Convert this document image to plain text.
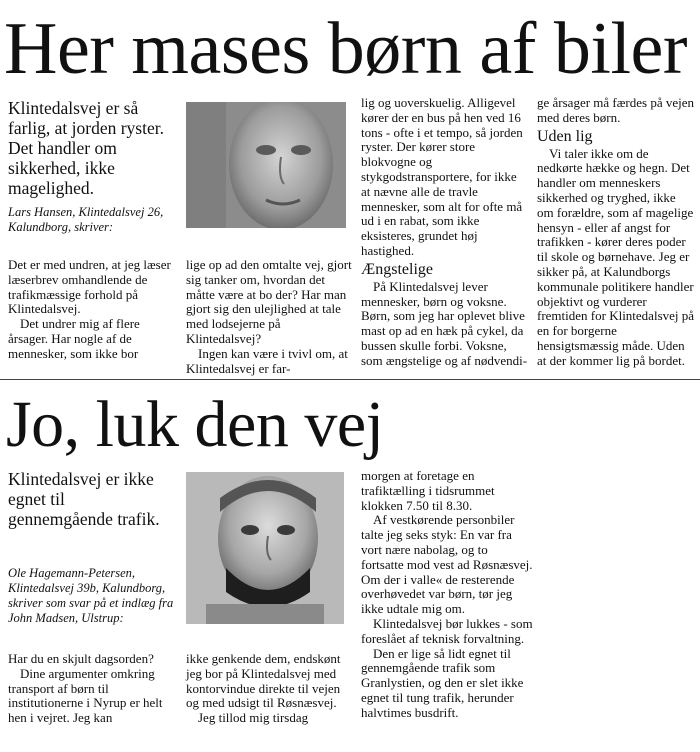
Her mases børn af biler
Klintedalsvej er så farlig, at jorden ryster. Det handler om sikkerhed, ikke magelighed.
Lars Hansen, Klintedalsvej 26, Kalundborg, skriver:

Det er med undren, at jeg læser læserbrev omhandlende de trafikmæssige forhold på Klintedalsvej.

Det undrer mig af flere årsager. Har nogle af de mennesker, som ikke bor

lige op ad den omtalte vej, gjort sig tanker om, hvordan det måtte være at bo der? Har man gjort sig den ulejlighed at tale med lodsejerne på Klintedalsvej?

Ingen kan være i tvivl om, at Klintedalsvej er far-

lig og uoverskuelig. Alligevel kører der en bus på hen ved 16 tons - ofte i et tempo, så jorden ryster. Der kører store blokvogne og stykgodstransportere, for ikke at nævne alle de travle mennesker, som alt for ofte må ud i en rabat, som ikke eksisteres, grundet høj hastighed.

Ængstelige

På Klintedalsvej lever mennesker, børn og voksne. Børn, som jeg har oplevet blive mast op ad en hæk på cykel, da bussen skulle forbi. Voksne, som ængstelige og af nødvendi-

ge årsager må færdes på vejen med deres børn.

Uden lig

Vi taler ikke om de nedkørte hække og hegn. Det handler om menneskers sikkerhed og tryghed, ikke om forældre, som af magelige hensyn - eller af angst for trafikken - kører deres poder til skole og børnehave. Jeg er sikker på, at Kalundborgs kommunale politikere handler objektivt og vurderer fremtiden for Klintedalsvej på en for borgerne hensigtsmæssig måde. Uden at der kommer lig på bordet.

Jo, luk den vej
Klintedalsvej er ikke egnet til gennemgående trafik.
Ole Hagemann-Petersen, Klintedalsvej 39b, Kalundborg, skriver som svar på et indlæg fra John Madsen, Ulstrup:

Har du en skjult dagsorden?

Dine argumenter omkring transport af børn til institutionerne i Nyrup er helt hen i vejret. Jeg kan

ikke genkende dem, endskønt jeg bor på Klintedalsvej med kontorvindue direkte til vejen og med udsigt til Røsnæsvej.

Jeg tillod mig tirsdag

morgen at foretage en trafiktælling i tidsrummet klokken 7.50 til 8.30.

Af vestkørende personbiler talte jeg seks styk: En var fra vort nære nabolag, og to fortsatte mod vest ad Røsnæsvej. Om der i valle« de resterende overhøvedet var børn, tør jeg ikke udtale mig om.

Klintedalsvej bør lukkes - som foreslået af teknisk forvaltning.

Den er lige så lidt egnet til gennemgående trafik som Granlystien, og den er slet ikke egnet til tung trafik, herunder halvtimes busdrift.
